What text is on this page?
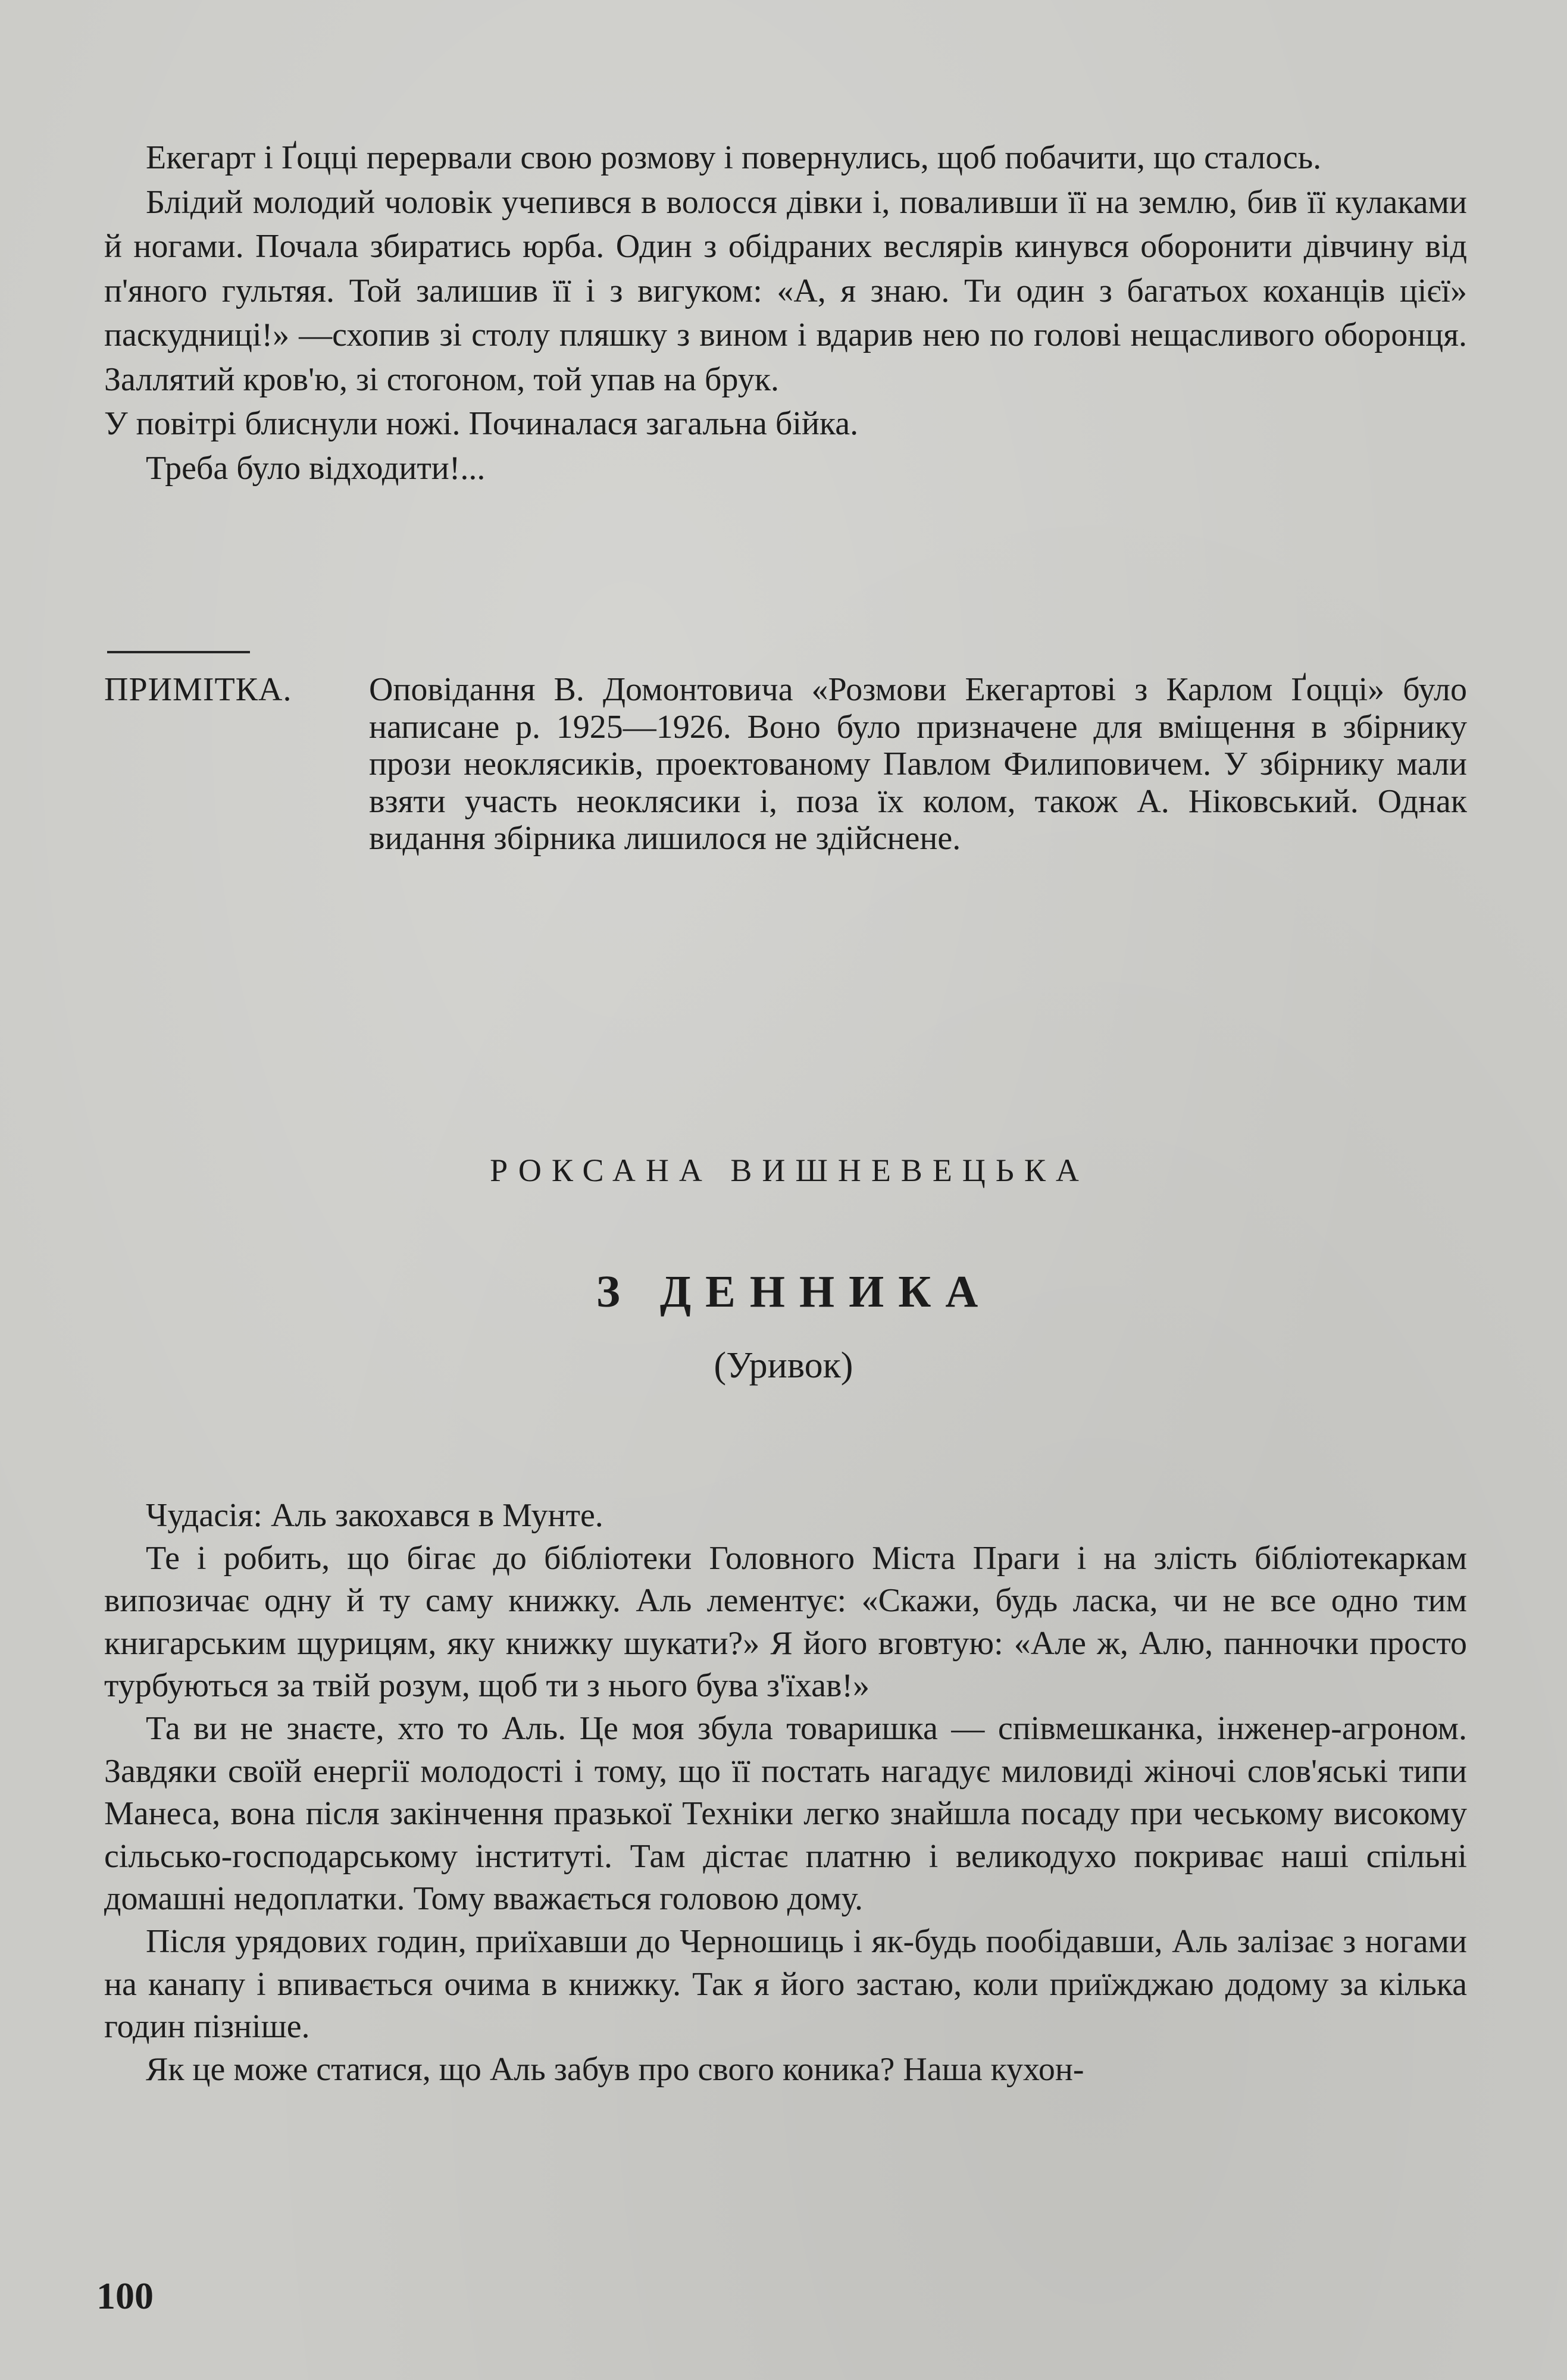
Екегарт і Ґоцці перервали свою розмову і повернулись, щоб побачити, що сталось.

Блідий молодий чоловік учепився в волосся дівки і, поваливши її на землю, бив її кулаками й ногами. Почала збиратись юрба. Один з обідраних веслярів кинувся оборонити дівчину від п'яного гультяя. Той залишив її і з вигуком: «А, я знаю. Ти один з багатьох коханців цієї» паскудниці!» —схопив зі столу пляшку з вином і вдарив нею по голові нещасливого оборонця. Заллятий кров'ю, зі стогоном, той упав на брук.

У повітрі блиснули ножі. Починалася загальна бійка.

Треба було відходити!...

ПРИМІТКА. Оповідання В. Домонтовича «Розмови Екегартові з Карлом Ґоцці» було написане р. 1925—1926. Воно було призначене для вміщення в збірнику прози неоклясиків, проектованому Павлом Филиповичем. У збірнику мали взяти участь неоклясики і, поза їх колом, також А. Ніковський. Однак видання збірника лишилося не здійснене.

РОКСАНА ВИШНЕВЕЦЬКА
З ДЕННИКА
(Уривок)

Чудасія: Аль закохався в Мунте.

Те і робить, що бігає до бібліотеки Головного Міста Праги і на злість бібліотекаркам випозичає одну й ту саму книжку. Аль лементує: «Скажи, будь ласка, чи не все одно тим книгарським щурицям, яку книжку шукати?» Я його вговтую: «Але ж, Алю, панночки просто турбуються за твій розум, щоб ти з нього бува з'їхав!»

Та ви не знаєте, хто то Аль. Це моя збула товаришка — співмешканка, інженер-агроном. Завдяки своїй енергії молодості і тому, що її постать нагадує миловиді жіночі слов'яські типи Манеса, вона після закінчення празької Техніки легко знайшла посаду при чеському високому сільсько-господарському інституті. Там дістає платню і великодухо покриває наші спільні домашні недоплатки. Тому вважається головою дому.

Після урядових годин, приїхавши до Черношиць і як-будь пообідавши, Аль залізає з ногами на канапу і впивається очима в книжку. Так я його застаю, коли приїжджаю додому за кілька годин пізніше.

Як це може статися, що Аль забув про свого коника? Наша кухон-

100
